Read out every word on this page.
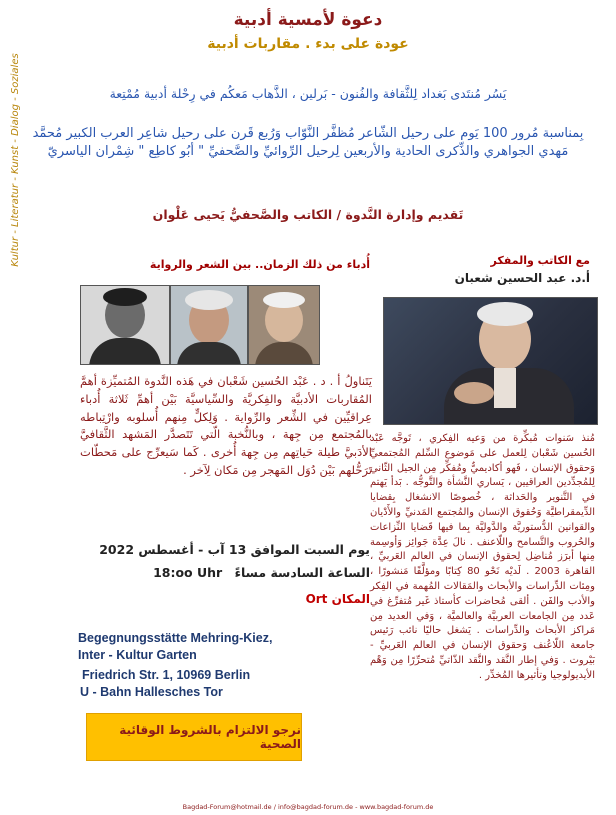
دعوة لأمسية أدبية
عودة على بدء . مقاربات أدبية
يَسُر مُنتَدى بَغداد لِلثَّقافة والفُنون - بَرلين ، الذَّهاب مَعكُم في رِحْلة أدبية مُمْتِعة
بِمناسبة مُرور 100 يَوم على رحيل الشّاعر مُظفَّر النَّوّاب وَرُبع قَرن على رحيل شاعِر العرب الكبير مُحمَّد مَهدي الجواهري والذِّكرى الحادية والأربعين لِرحيل الرِّوائيِّ والصَّحفيِّ " أبُو كاطِع " شِمْران الياسريّ
تَقديم وإدارة النَّدوة / الكاتب والصَّحفيُّ يَحيى عَلْوان
Kultur - Literatur - Kunst - Dialog - Soziales	مع الكاتب والمفكر
أ.د. عبد الحسين شعبان
مُنذ سَنوات مُبكِّرة من وَعيه الفِكري ، تَوجَّه عَبْد الحُسين شَعْبان لِلعمل على مَوضوع السِّلم المُجتمعيِّ وَحقوق الإنسان ، فَهو أكاديميٌّ ومُفكِّر مِن الجيل الثّاني لِلمُجدِّدين العراقيين ، يَساري النَّشأة والتَّوجُّه . بَدأ يَهتم في التَّنوير والحَداثة ، خُصوصًا الانشغال بِقضايا الدِّيمقراطيَّة وَحُقوق الإنسان والمُجتمع المَدنيِّ والأَدْيان والقوانين الدُّستوريَّة والدَّوليَّة بِما فيها قَضايا النِّزاعات والحُروب والتَّسامح واللّاعنف . نالَ عِدَّة جَوائِز وَأوسِمة مِنها أبرَز مُناضِل لِحقوق الإنسان في العالم العَربيِّ ، القاهرة 2003 . لَديْه نَحْو 80 كِتابًا ومؤلَّفًا مَنشورًا ، ومِئات الدِّراسات والأبحاث والمَقالات المُهمة في الفِكر والأدب والفَن . ألقى مُحاضرات كأستاذ غَير مُتفرِّغ في عَدد مِن الجامعات العربيَّة والعالميَّة ، وَفي العديد مِن مَراكز الأبحاث والدِّراسات . يَشغل حاليًا نائب رَئيس جامعة اللّاعُنف وَحقوق الإنسان في العالم العَربيِّ - بَيْروت . وَفي إطار النَّقد والنَّقد الذّاتيِّ مُتحرِّرًا مِن وَهْم الأيديولوجيا وتأثيرها المُخدِّر .
أُدباء من ذلك الزمان.. بين الشعر والرواية
يَتَناولُ أ . د . عَبْد الحُسين شَعْبان في هَذه النَّدوة المُتميِّزة أهمَّ المُقاربات الأدبيَّة والفِكريَّة والسِّياسيَّة بَيْن أهمِّ ثَلاثة أُدباء عِراقيِّين في الشِّعر والرِّواية . وَلِكلٍّ مِنهم أُسلوبه وارْتِباطه بالمُجتمع مِن جِهة ، وبالنُّخبة الّتي تَتَصدَّر المَشهد الثَّقافيَّ الأدَبيَّ طيلة حَياتِهم مِن جِهة أُخرى . كَما سَيعرِّج على مَحطّات تَرَحُّلهم بَيْن دُوَل المَهجر مِن مَكان لِآخر .
يوم السبت الموافق 13 آب - أغسطس 2022
الساعة السادسة مساءً 18:oo Uhr
المكان Ort
Begegnungsstätte Mehring-Kiez,
Inter - Kultur Garten
Friedrich Str. 1, 10969 Berlin
U - Bahn Hallesches Tor
نرجو الالتزام بالشروط الوقائية الصحية
Bagdad-Forum@hotmail.de / info@bagdad-forum.de - www.bagdad-forum.de
